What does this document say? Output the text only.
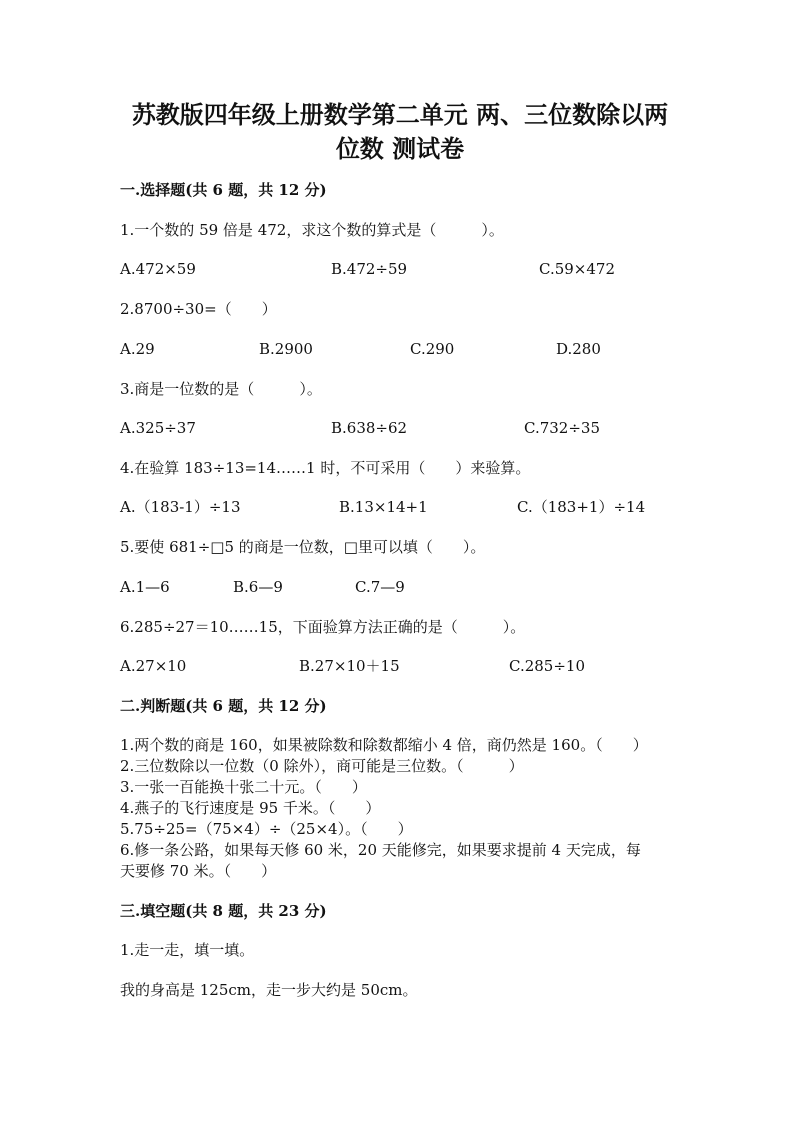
苏教版四年级上册数学第二单元 两、三位数除以两
位数 测试卷
一.选择题(共 6 题，共 12 分)
1.一个数的 59 倍是 472，求这个数的算式是（　　　）。
A.472×59	B.472÷59	C.59×472
2.8700÷30=（　　）
A.29	B.2900	C.290	D.280
3.商是一位数的是（　　　）。
A.325÷37	B.638÷62	C.732÷35
4.在验算 183÷13=14……1 时，不可采用（　　）来验算。
A.（183-1）÷13	B.13×14+1	C.（183+1）÷14
5.要使 681÷□5 的商是一位数，□里可以填（　　）。
A.1—6	B.6—9	C.7—9
6.285÷27＝10……15，下面验算方法正确的是（　　　）。
A.27×10	B.27×10＋15	C.285÷10
二.判断题(共 6 题，共 12 分)
1.两个数的商是 160，如果被除数和除数都缩小 4 倍，商仍然是 160。（　　）
2.三位数除以一位数（0 除外），商可能是三位数。（　　　）
3.一张一百能换十张二十元。（　　）
4.燕子的飞行速度是 95 千米。（　　）
5.75÷25=（75×4）÷（25×4）。（　　）
6.修一条公路，如果每天修 60 米，20 天能修完，如果要求提前 4 天完成，每
天要修 70 米。（　　）
三.填空题(共 8 题，共 23 分)
1.走一走，填一填。
我的身高是 125cm，走一步大约是 50cm。
